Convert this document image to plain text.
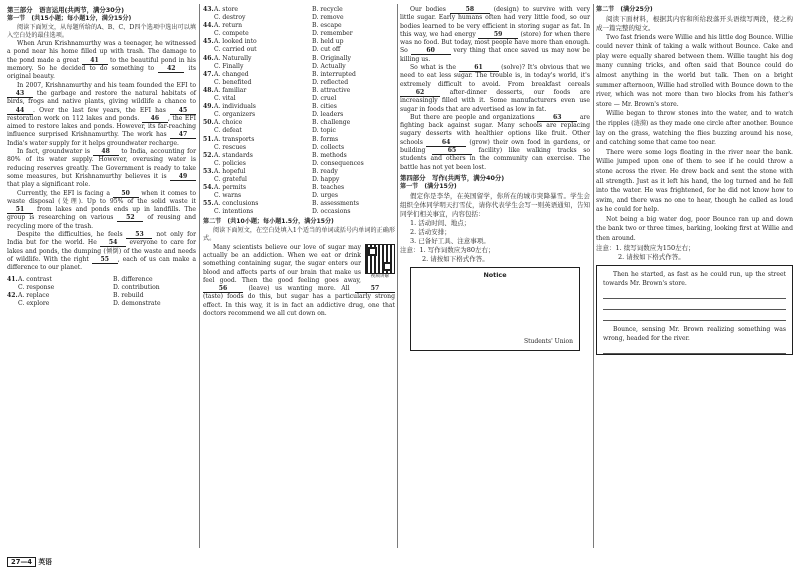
第三部分　语言运用(共两节，满分30分)

第一节　(共15小题；每小题1分，满分15分)

阅读下面短文，从每题所给的A、B、C、D四个选项中选出可以填入空白处的最佳选项。

When Arun Krishnamurthy was a teenager, he witnessed a pond near his home filled up with trash. The damage to the pond made a great 41 to the beautiful pond in his memory. So he decided to do something to 42 its original beauty.

In 2007, Krishnamurthy and his team founded the EFI to 43 the garbage and restore the natural habitats of birds, frogs and native plants, giving wildlife a chance to 44 . Over the last few years, the EFI has 45 restoration work on 112 lakes and ponds. 46 , the EFI aimed to restore lakes and ponds. However, its far-reaching influence surprised Krishnamurthy. The work has 47 India's water supply for it helps groundwater recharge.

In fact, groundwater is 48 to India, accounting for 80% of its water supply. However, overusing water is reducing reserves greatly. The Government is ready to take some measures, but Krishnamurthy believes it is 49 that play a significant role.

Currently, the EFI is facing a 50 when it comes to waste disposal (处理). Up to 95% of the solid waste it 51 from lakes and ponds ends up in landfills. The group is researching on various 52 of reusing and recycling more of the trash.

Despite the difficulties, he feels 53 not only for India but for the world. He 54 everyone to care for lakes and ponds, the dumping (倾倒) of the waste and needs of wildlife. With the right 55 , each of us can make a difference to our planet.

41. A. contrast	B. difference
C. response	D. contribution
42. A. replace	B. rebuild
C. explore	D. demonstrate
43. A. store	B. recycle
C. destroy	D. remove
44. A. return	B. escape
C. compete	D. remember
45. A. looked into	B. held up
C. carried out	D. cut off
46. A. Naturally	B. Originally
C. Finally	D. Actually
47. A. changed	B. interrupted
C. benefited	D. reflected
48. A. familiar	B. attractive
C. vital	D. cruel
49. A. individuals	B. cities
C. organizers	D. leaders
50. A. choice	B. challenge
C. defeat	D. topic
51. A. transports	B. forms
C. rescues	D. collects
52. A. standards	B. methods
C. policies	D. consequences
53. A. hopeful	B. ready
C. grateful	D. happy
54. A. permits	B. teaches
C. warns	D. urges
55. A. conclusions	B. assessments
C. intentions	D. occasions

第二节　(共10小题；每小题1.5分，满分15分)

阅读下面短文，在空白处填入1个适当的单词或括号内单词的正确形式。

视频讲解

Many scientists believe our love of sugar may actually be an addiction. When we eat or drink something containing sugar, the sugar enters our blood and affects parts of our brain that make us feel good. Then the good feeling goes away, 56	(leave) us wanting more. All	57 (taste) foods do this, but sugar has a particularly strong effect. In this way, it is in fact an addictive drug, one that doctors recommend we all cut down on.

Our bodies	58	(design) to survive with very little sugar. Early humans often had very little food, so our bodies learned to be very efficient in storing sugar as fat. In this way, we had energy	59	(store) for when there was no food. But today, most people have more than enough. So	60	very thing that once saved us may now be killing us.

So what is the	61	(solve)? It's obvious that we need to eat less sugar. The trouble is, in today's world, it's extremely difficult to avoid. From breakfast cereals 62	after-dinner desserts, our foods are increasingly filled with it. Some manufacturers even use sugar in foods that are advertised as low in fat.

But there are people and organizations	63	are fighting back against sugar. Many schools are replacing sugary desserts with healthier options like fruit. Other schools	64	(grow) their own food in gardens, or building	65	facility) like walking tracks so students and others in the community can exercise. The battle has not yet been lost.

第四部分　写作(共两节，满分40分)

第一节　(满分15分)

假定你是李华，在英国留学，你所在的城市突降暴雪。学生会组织全体同学明天打雪仗，请你代表学生会写一则英语通知，告知同学们相关事宜，内容包括：

1. 活动时间、地点；

2. 活动安排；

3. 已备好工具、注意事项。

注意：1. 写作词数应为80左右；

2. 请按如下格式作答。

Notice
Students' Union

第二节　(满分25分)

阅读下面材料，根据其内容和所给段落开头语续写两段，使之构成一篇完整的短文。

Two fast friends were Willie and his little dog Bounce. Willie could never think of taking a walk without Bounce. Cake and play were equally shared between them. Willie taught his dog many cunning tricks, and often said that Bounce could do almost anything in the world but talk. Then on a bright summer afternoon, Willie had strolled with Bounce down to the river, which was not more than two blocks from his father's store — Mr. Brown's store.

Willie began to throw stones into the water, and to watch the ripples (涟漪) as they made one circle after another. Bounce lay on the grass, watching the flies buzzing around his nose, and catching some that came too near.

There were some logs floating in the river near the bank. Willie jumped upon one of them to see if he could throw a stone across the river. He drew back and sent the stone with all strength. Just as it left his hand, the log turned and he fell into the water. He was frightened, for he did not know how to swim, and there was no one to hear, though he called as loud as he could for help.

Not being a big water dog, poor Bounce ran up and down the bank two or three times, barking, looking first at Willie and then around.

注意：1. 续写词数应为150左右；

2. 请按如下格式作答。

Then he started, as fast as he could run, up the street towards Mr. Brown's store.

Bounce, sensing Mr. Brown realizing something was wrong, headed for the river.

27—4 英语
